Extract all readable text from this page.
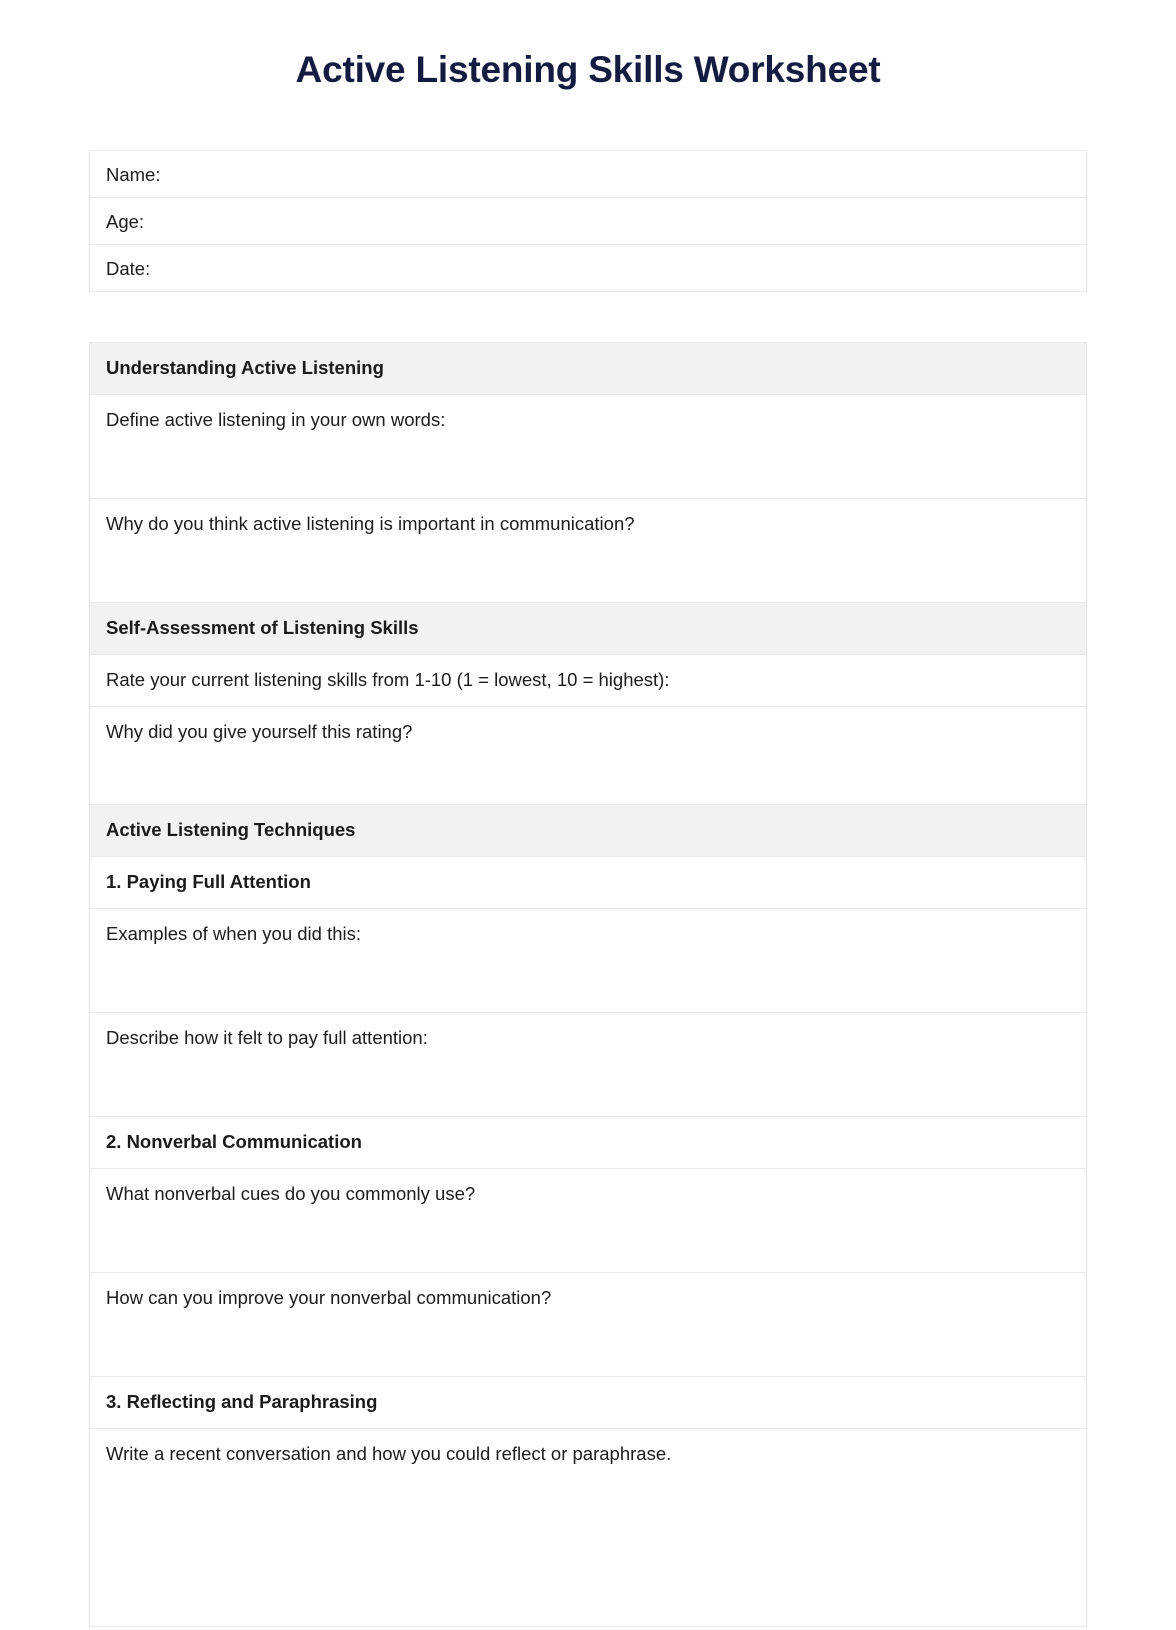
Active Listening Skills Worksheet
Name:

Age:

Date:
Understanding Active Listening

Define active listening in your own words:

Why do you think active listening is important in communication?

Self-Assessment of Listening Skills

Rate your current listening skills from 1-10 (1 = lowest, 10 = highest):

Why did you give yourself this rating?

Active Listening Techniques

1. Paying Full Attention

Examples of when you did this:

Describe how it felt to pay full attention:

2. Nonverbal Communication

What nonverbal cues do you commonly use?

How can you improve your nonverbal communication?

3. Reflecting and Paraphrasing

Write a recent conversation and how you could reflect or paraphrase.
